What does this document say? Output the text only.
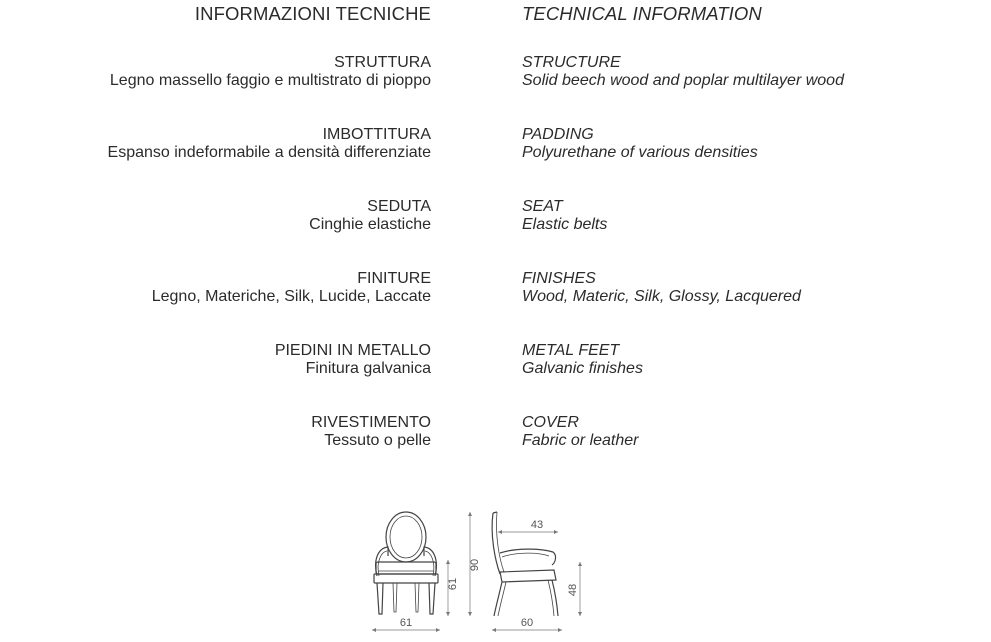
INFORMAZIONI TECNICHE	TECHNICAL INFORMATION
STRUTTURA
Legno massello faggio e multistrato di pioppo
STRUCTURE
Solid beech wood and poplar multilayer wood
IMBOTTITURA
Espanso indeformabile a densità differenziate
PADDING
Polyurethane of various densities
SEDUTA
Cinghie elastiche
SEAT
Elastic belts
FINITURE
Legno, Materiche, Silk, Lucide, Laccate
FINISHES
Wood, Materic, Silk, Glossy, Lacquered
PIEDINI IN METALLO
Finitura galvanica
METAL FEET
Galvanic finishes
RIVESTIMENTO
Tessuto o pelle
COVER
Fabric or leather
61
61
90
43
48
60
